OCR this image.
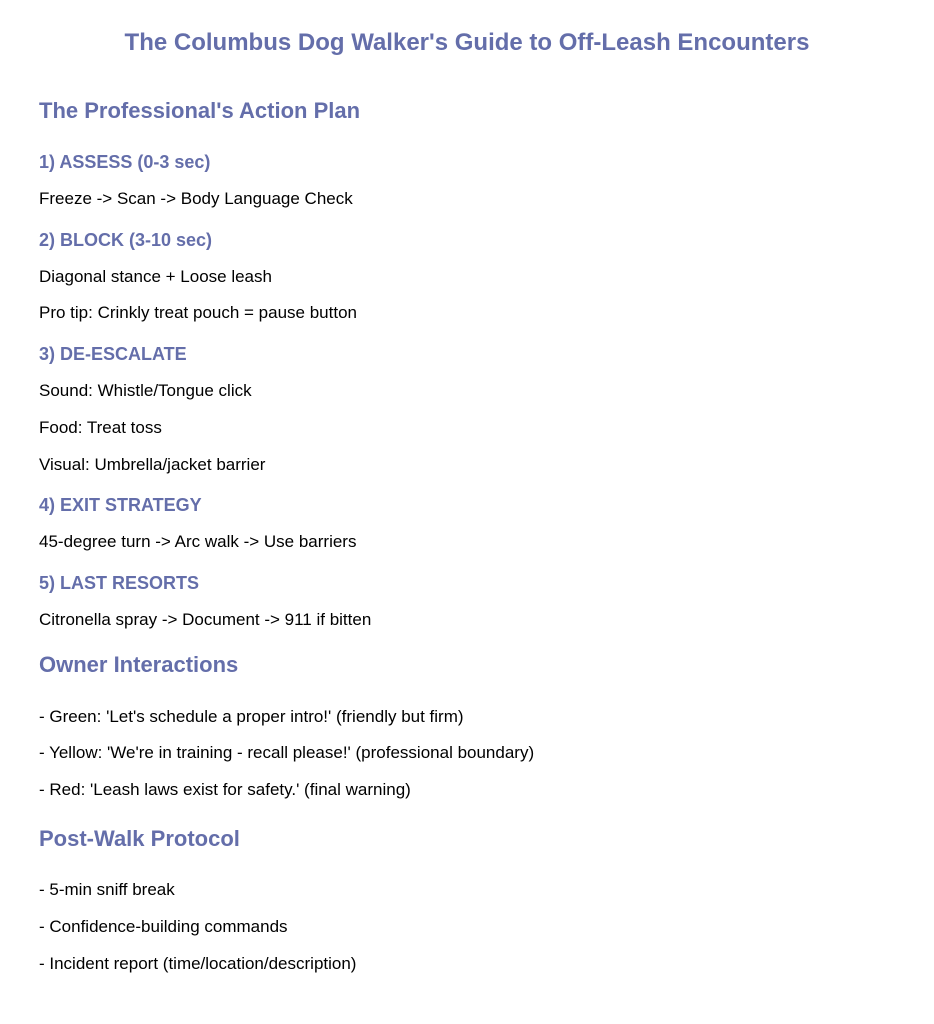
The Columbus Dog Walker's Guide to Off-Leash Encounters
The Professional's Action Plan
1) ASSESS (0-3 sec)

Freeze -> Scan -> Body Language Check

2) BLOCK (3-10 sec)

Diagonal stance + Loose leash

Pro tip: Crinkly treat pouch = pause button

3) DE-ESCALATE

Sound: Whistle/Tongue click

Food: Treat toss

Visual: Umbrella/jacket barrier

4) EXIT STRATEGY

45-degree turn -> Arc walk -> Use barriers

5) LAST RESORTS

Citronella spray -> Document -> 911 if bitten

Owner Interactions

- Green: 'Let's schedule a proper intro!' (friendly but firm)

- Yellow: 'We're in training - recall please!' (professional boundary)

- Red: 'Leash laws exist for safety.' (final warning)

Post-Walk Protocol

- 5-min sniff break

- Confidence-building commands

- Incident report (time/location/description)
